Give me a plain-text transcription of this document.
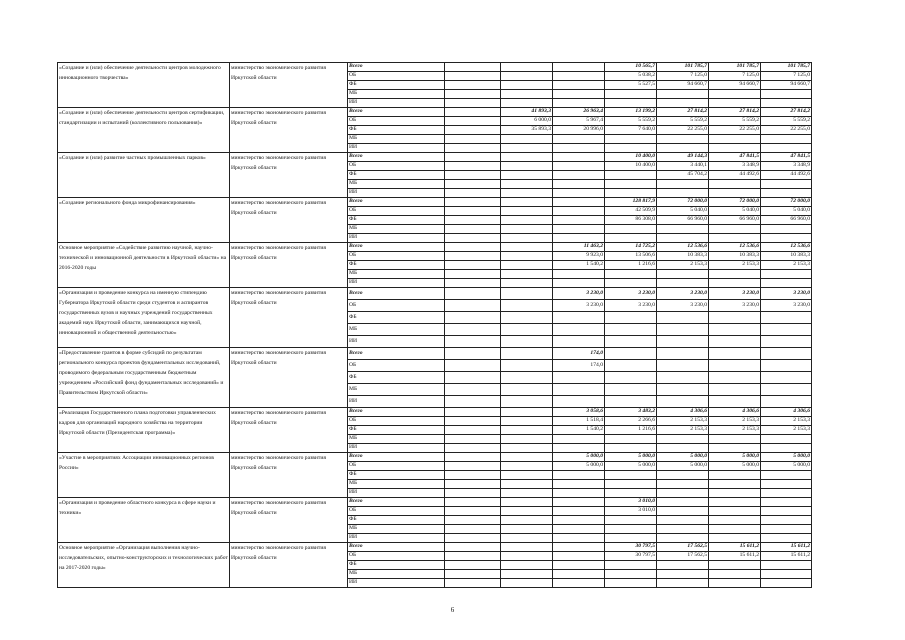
«Создание и (или) обеспечение деятельности центров молодежного инновационного творчества»	министерство экономического развития Иркутской области	Всего				10 565,7	101 785,7	101 785,7	101 785,7
		ОБ				5 038,2	7 125,0	7 125,0	7 125,0
		ФБ				5 527,5	94 660,7	94 660,7	94 660,7
		МБ							
		ИИ							
«Создание и (или) обеспечение деятельности центров сертификации, стандартизации и испытаний (коллективного пользования)»	министерство экономического развития Иркутской области	Всего		41 893,3	26 963,4	13 199,2	27 814,2	27 814,2	27 814,2
		ОБ		6 000,0	5 967,4	5 559,2	5 559,2	5 559,2	5 559,2
		ФБ		35 893,3	20 996,0	7 640,0	22 255,0	22 255,0	22 255,0
		МБ							
		ИИ							
«Создание и (или) развитие частных промышленных парков»	министерство экономического развития Иркутской области	Всего				10 400,0	49 144,3	47 841,5	47 841,5
		ОБ				10 400,0	3 440,1	3 348,9	3 348,9
		ФБ					45 704,2	44 492,6	44 492,6
		МБ							
		ИИ							
«Создание регионального фонда микрофинансирования»	министерство экономического развития Иркутской области	Всего				128 817,9	72 000,0	72 000,0	72 000,0
		ОБ				42 509,9	5 040,0	5 040,0	5 040,0
		ФБ				86 308,0	66 960,0	66 960,0	66 960,0
		МБ							
		ИИ							
Основное мероприятие «Содействие развитию научной, научно-технической и инновационной деятельности в Иркутской области» на 2016-2020 годы	министерство экономического развития Иркутской области	Всего			11 463,2	14 725,2	12 536,6	12 536,6	12 536,6
		ОБ			9 923,0	13 506,6	10 383,3	10 383,3	10 383,3
		ФБ			1 540,2	1 216,6	2 153,3	2 153,3	2 153,3
		МБ							
		ИИ							
«Организация и проведение конкурса на именную стипендию Губернатора Иркутской области среди студентов и аспирантов государственных вузов и научных учреждений государственных академий наук Иркутской области, занимающихся научной, инновационной и общественной деятельностью»	министерство экономического развития Иркутской области	Всего			3 230,0	3 230,0	3 230,0	3 230,0	3 230,0
		ОБ			3 230,0	3 230,0	3 230,0	3 230,0	3 230,0
		ФБ							
		МБ							
		ИИ							
«Предоставление грантов в форме субсидий по результатам регионального конкурса проектов фундаментальных исследований, проводимого федеральным государственным бюджетным учреждением «Российский фонд фундаментальных исследований» и Правительством Иркутской области»	министерство экономического развития Иркутской области	Всего			174,0				
		ОБ			174,0				
		ФБ							
		МБ							
		ИИ							
«Реализация Государственного плана подготовки управленческих кадров для организаций народного хозяйства на территории Иркутской области (Президентская программа)»	министерство экономического развития Иркутской области	Всего			3 058,6	3 483,2	4 306,6	4 306,6	4 306,6
		ОБ			1 518,4	2 266,6	2 153,3	2 153,3	2 153,3
		ФБ			1 540,2	1 216,6	2 153,3	2 153,3	2 153,3
		МБ							
		ИИ							
«Участие в мероприятиях Ассоциации инновационных регионов России»	министерство экономического развития Иркутской области	Всего			5 000,0	5 000,0	5 000,0	5 000,0	5 000,0
		ОБ			5 000,0	5 000,0	5 000,0	5 000,0	5 000,0
		ФБ							
		МБ							
		ИИ							
«Организация и проведение областного конкурса в сфере науки и техники»	министерство экономического развития Иркутской области	Всего				3 010,0			
		ОБ				3 010,0			
		ФБ							
		МБ							
		ИИ							
Основное мероприятие «Организация выполнения научно-исследовательских, опытно-конструкторских и технологических работ на 2017-2020 годы»	министерство экономического развития Иркутской области	Всего				30 797,5	17 562,5	15 611,2	15 611,2
		ОБ				30 797,5	17 562,5	15 611,2	15 611,2
		ФБ							
		МБ							
		ИИ							
6
